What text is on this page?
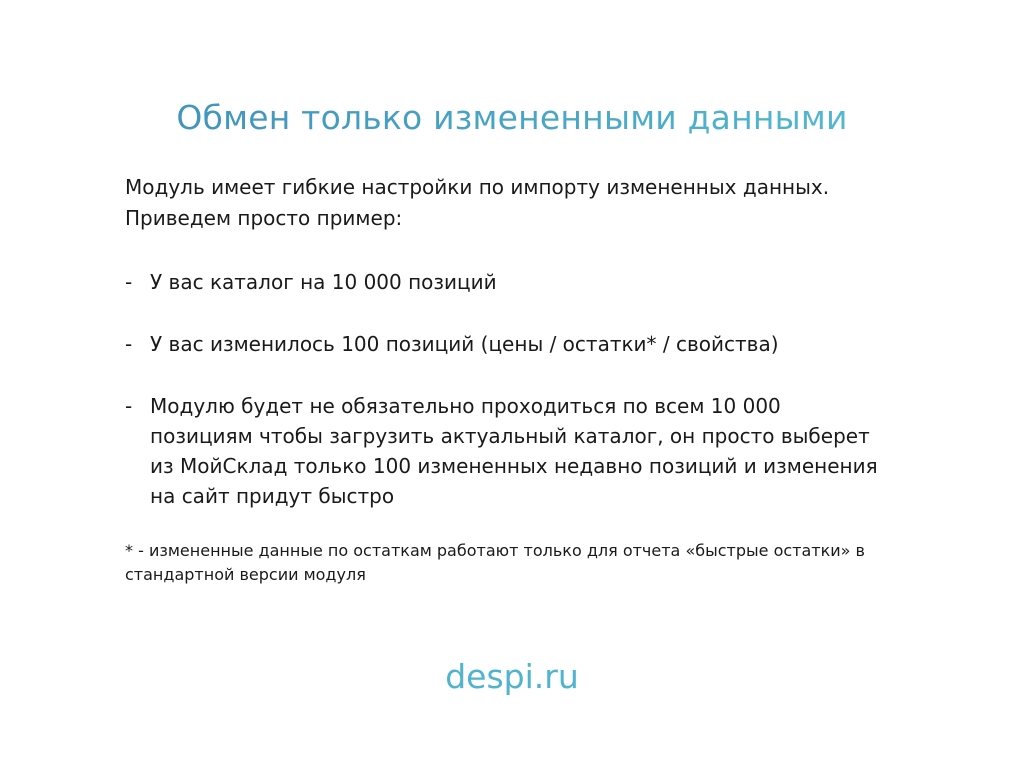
Обмен только измененными данными

Модуль имеет гибкие настройки по импорту измененных данных. Приведем просто пример:

- У вас каталог на 10 000 позиций
- У вас изменилось 100 позиций (цены / остатки* / свойства)
- Модулю будет не обязательно проходиться по всем 10 000 позициям чтобы загрузить актуальный каталог, он просто выберет из МойСклад только 100 измененных недавно позиций и изменения на сайт придут быстро

* - измененные данные по остаткам работают только для отчета «быстрые остатки» в стандартной версии модуля

despi.ru
